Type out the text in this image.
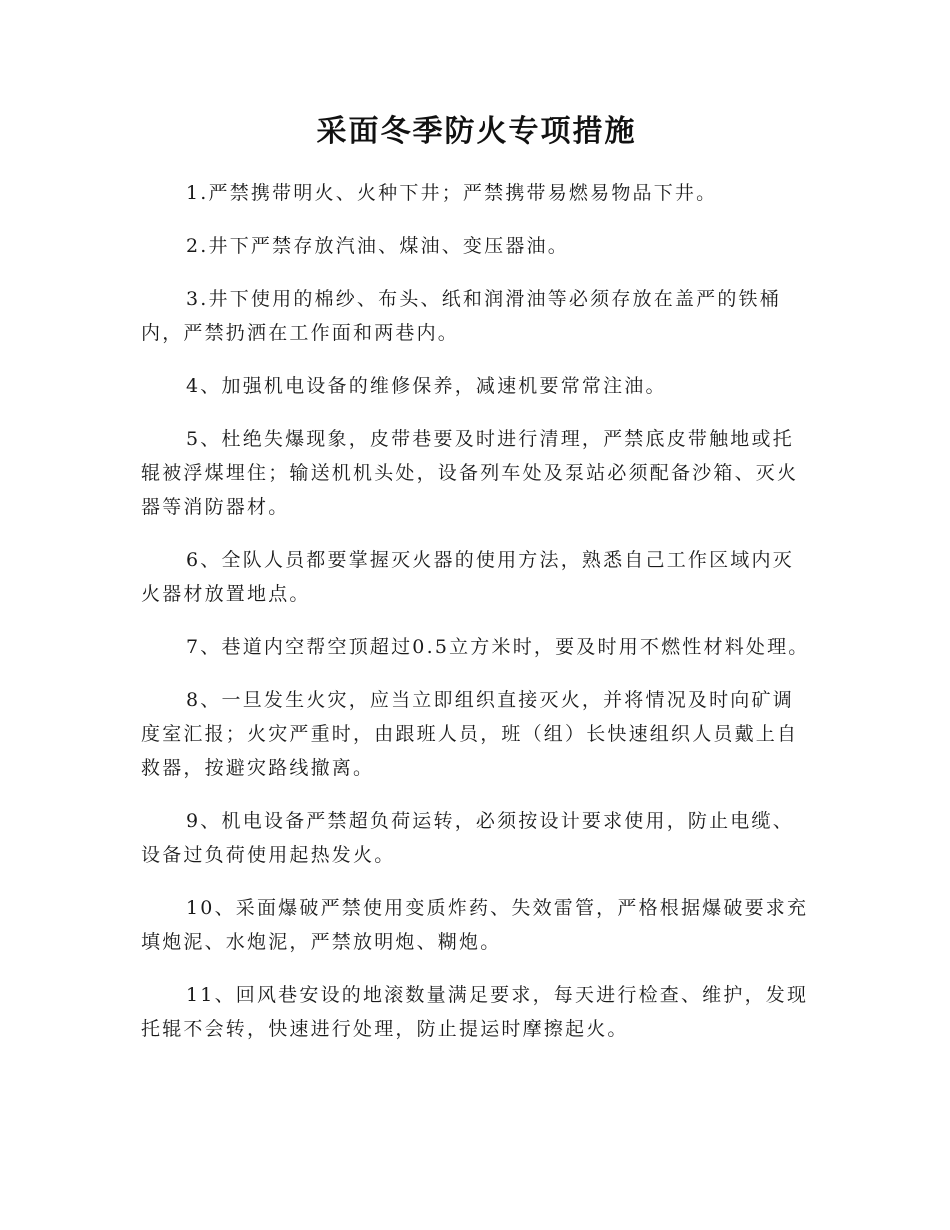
采面冬季防火专项措施

1.严禁携带明火、火种下井；严禁携带易燃易物品下井。

2.井下严禁存放汽油、煤油、变压器油。

3.井下使用的棉纱、布头、纸和润滑油等必须存放在盖严的铁桶内，严禁扔洒在工作面和两巷内。

4、加强机电设备的维修保养，减速机要常常注油。

5、杜绝失爆现象，皮带巷要及时进行清理，严禁底皮带触地或托辊被浮煤埋住；输送机机头处，设备列车处及泵站必须配备沙箱、灭火器等消防器材。

6、全队人员都要掌握灭火器的使用方法，熟悉自己工作区域内灭火器材放置地点。

7、巷道内空帮空顶超过0.5立方米时，要及时用不燃性材料处理。

8、一旦发生火灾，应当立即组织直接灭火，并将情况及时向矿调度室汇报；火灾严重时，由跟班人员，班（组）长快速组织人员戴上自救器，按避灾路线撤离。

9、机电设备严禁超负荷运转，必须按设计要求使用，防止电缆、设备过负荷使用起热发火。

10、采面爆破严禁使用变质炸药、失效雷管，严格根据爆破要求充填炮泥、水炮泥，严禁放明炮、糊炮。

11、回风巷安设的地滚数量满足要求，每天进行检查、维护，发现托辊不会转，快速进行处理，防止提运时摩擦起火。
